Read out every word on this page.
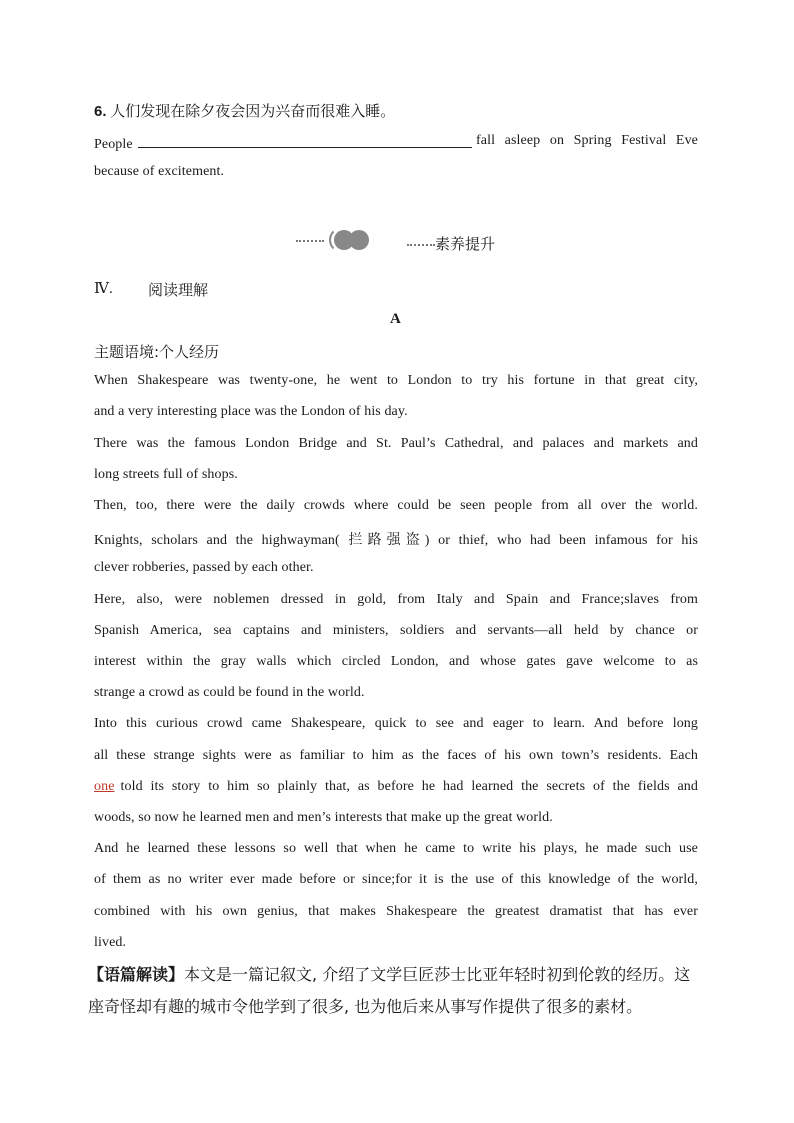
6. 人们发现在除夕夜会因为兴奋而很难入睡。
People	fall asleep on Spring Festival Eve
because of excitement.
素养提升
Ⅳ. 阅读理解
A
主题语境:个人经历
When Shakespeare was twenty-one, he went to London to try his fortune in that great city,
and a very interesting place was the London of his day.
There was the famous London Bridge and St. Paul’s Cathedral, and palaces and markets and
long streets full of shops.
Then, too, there were the daily crowds where could be seen people from all over the world.
Knights, scholars and the highwayman( 拦路强盗) or thief, who had been infamous for his
clever robberies, passed by each other.
Here, also, were noblemen dressed in gold, from Italy and Spain and France;slaves from
Spanish America, sea captains and ministers, soldiers and servants—all held by chance or
interest within the gray walls which circled London, and whose gates gave welcome to as
strange a crowd as could be found in the world.
Into this curious crowd came Shakespeare, quick to see and eager to learn. And before long
all these strange sights were as familiar to him as the faces of his own town’s residents. Each
one told its story to him so plainly that, as before he had learned the secrets of the fields and
woods, so now he learned men and men’s interests that make up the great world.
And he learned these lessons so well that when he came to write his plays, he made such use
of them as no writer ever made before or since;for it is the use of this knowledge of the world,
combined with his own genius, that makes Shakespeare the greatest dramatist that has ever
lived.
【语篇解读】本文是一篇记叙文, 介绍了文学巨匠莎士比亚年轻时初到伦敦的经历。这
座奇怪却有趣的城市令他学到了很多, 也为他后来从事写作提供了很多的素材。
